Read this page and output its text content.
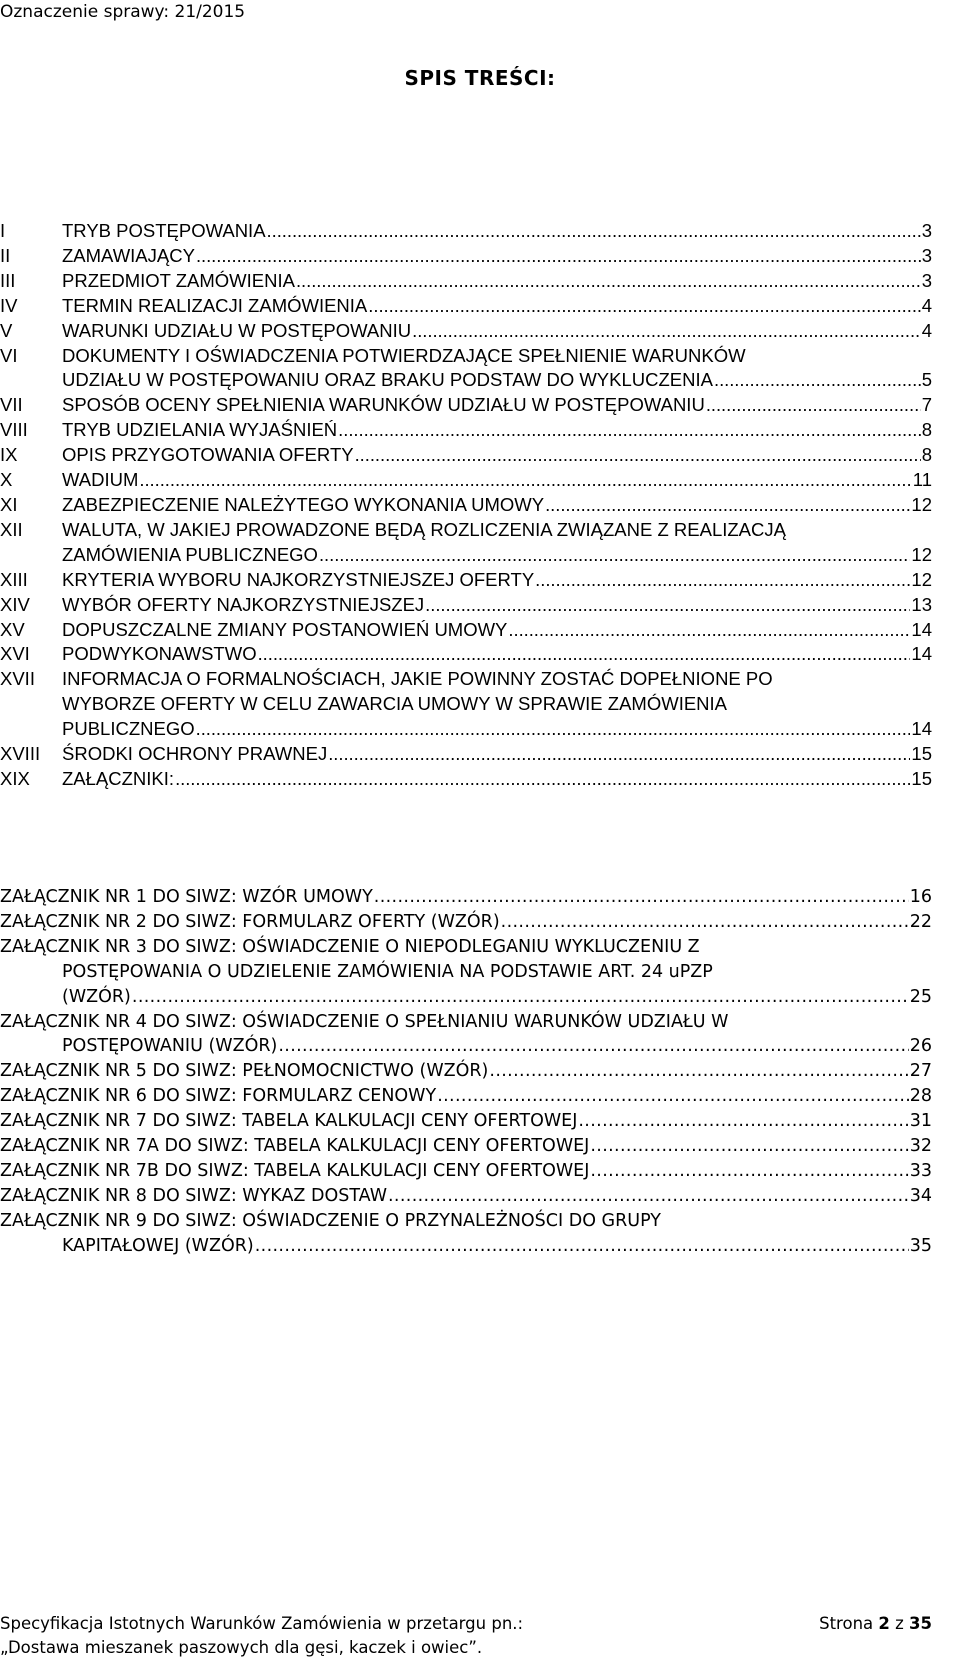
Oznaczenie sprawy: 21/2015
SPIS TREŚCI:
I	TRYB POSTĘPOWANIA . . .	3
II	ZAMAWIAJĄCY . . .	3
III	PRZEDMIOT ZAMÓWIENIA . . .	3
IV	TERMIN REALIZACJI ZAMÓWIENIA . . .	4
V	WARUNKI UDZIAŁU W POSTĘPOWANIU . . .	4
VI	DOKUMENTY I OŚWIADCZENIA POTWIERDZAJĄCE SPEŁNIENIE WARUNKÓW
UDZIAŁU W POSTĘPOWANIU ORAZ BRAKU PODSTAW DO WYKLUCZENIA . . .	5
VII	SPOSÓB OCENY SPEŁNIENIA WARUNKÓW UDZIAŁU W POSTĘPOWANIU . . .	7
VIII	TRYB UDZIELANIA WYJAŚNIEŃ . . .	8
IX	OPIS PRZYGOTOWANIA OFERTY . . .	8
X	WADIUM . . .	11
XI	ZABEZPIECZENIE NALEŻYTEGO WYKONANIA UMOWY . . .	12
XII	WALUTA, W JAKIEJ PROWADZONE BĘDĄ ROZLICZENIA ZWIĄZANE Z REALIZACJĄ
ZAMÓWIENIA PUBLICZNEGO . . .	12
XIII	KRYTERIA WYBORU NAJKORZYSTNIEJSZEJ OFERTY . . .	12
XIV	WYBÓR OFERTY NAJKORZYSTNIEJSZEJ . . .	13
XV	DOPUSZCZALNE ZMIANY POSTANOWIEŃ UMOWY . . .	14
XVI	PODWYKONAWSTWO . . .	14
XVII	INFORMACJA O FORMALNOŚCIACH, JAKIE POWINNY ZOSTAĆ DOPEŁNIONE PO
WYBORZE OFERTY W CELU ZAWARCIA UMOWY W SPRAWIE ZAMÓWIENIA
PUBLICZNEGO . . .	14
XVIII	ŚRODKI OCHRONY PRAWNEJ . . .	15
XIX	ZAŁĄCZNIKI: . . .	15
ZAŁĄCZNIK NR 1 DO SIWZ: WZÓR UMOWY . . .	16
ZAŁĄCZNIK NR 2 DO SIWZ: FORMULARZ OFERTY (WZÓR) . . .	22
ZAŁĄCZNIK NR 3 DO SIWZ: OŚWIADCZENIE O NIEPODLEGANIU WYKLUCZENIU Z
POSTĘPOWANIA O UDZIELENIE ZAMÓWIENIA NA PODSTAWIE ART. 24 uPZP
(WZÓR) . . .	25
ZAŁĄCZNIK NR 4 DO SIWZ: OŚWIADCZENIE O SPEŁNIANIU WARUNKÓW UDZIAŁU W
POSTĘPOWANIU (WZÓR) . . .	26
ZAŁĄCZNIK NR 5 DO SIWZ: PEŁNOMOCNICTWO (WZÓR) . . .	27
ZAŁĄCZNIK NR 6 DO SIWZ: FORMULARZ CENOWY . . .	28
ZAŁĄCZNIK NR 7 DO SIWZ: TABELA KALKULACJI CENY OFERTOWEJ . . .	31
ZAŁĄCZNIK NR 7A DO SIWZ: TABELA KALKULACJI CENY OFERTOWEJ . . .	32
ZAŁĄCZNIK NR 7B DO SIWZ: TABELA KALKULACJI CENY OFERTOWEJ . . .	33
ZAŁĄCZNIK NR 8 DO SIWZ: WYKAZ DOSTAW . . .	34
ZAŁĄCZNIK NR 9 DO SIWZ: OŚWIADCZENIE O PRZYNALEŻNOŚCI DO GRUPY
KAPITAŁOWEJ (WZÓR) . . .	35
Specyfikacja Istotnych Warunków Zamówienia w przetargu pn.:	Strona 2 z 35
„Dostawa mieszanek paszowych dla gęsi, kaczek i owiec”.
